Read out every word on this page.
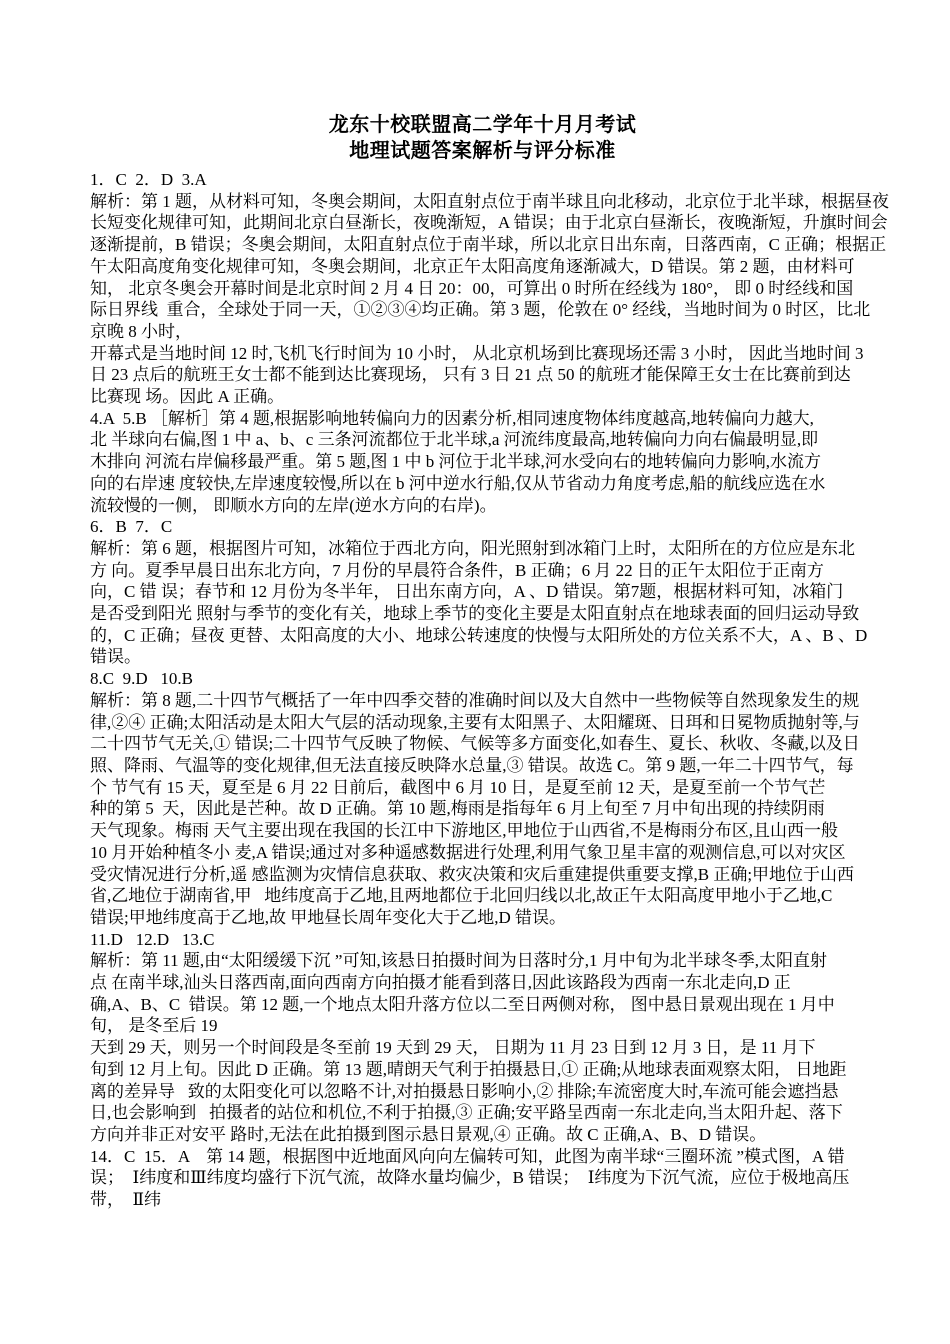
龙东十校联盟高二学年十月月考试
地理试题答案解析与评分标准
1．C  2．D  3.A
解析：第 1 题，从材料可知，冬奥会期间，太阳直射点位于南半球且向北移动，北京位于北半球，根据昼夜
长短变化规律可知，此期间北京白昼渐长，夜晚渐短，A 错误；由于北京白昼渐长，夜晚渐短，升旗时间会
逐渐提前，B 错误；冬奥会期间，太阳直射点位于南半球，所以北京日出东南，日落西南，C 正确；根据正
午太阳高度角变化规律可知，冬奥会期间，北京正午太阳高度角逐渐减大，D 错误。第 2 题，由材料可
知， 北京冬奥会开幕时间是北京时间 2 月 4 日 20：00，可算出 0 时所在经线为 180°， 即 0 时经线和国
际日界线  重合，全球处于同一天，①②③④均正确。第 3 题，伦敦在 0° 经线，当地时间为 0 时区，比北
京晚 8 小时，
开幕式是当地时间 12 时,飞机飞行时间为 10 小时， 从北京机场到比赛现场还需 3 小时， 因此当地时间 3
日 23 点后的航班王女士都不能到达比赛现场， 只有 3 日 21 点 50 的航班才能保障王女士在比赛前到达
比赛现 场。因此 A 正确。
4.A  5.B ［解析］第 4 题,根据影响地转偏向力的因素分析,相同速度物体纬度越高,地转偏向力越大,
北 半球向右偏,图 1 中 a、b、c 三条河流都位于北半球,a 河流纬度最高,地转偏向力向右偏最明显,即
木排向 河流右岸偏移最严重。第 5 题,图 1 中 b 河位于北半球,河水受向右的地转偏向力影响,水流方
向的右岸速 度较快,左岸速度较慢,所以在 b 河中逆水行船,仅从节省动力角度考虑,船的航线应选在水
流较慢的一侧， 即顺水方向的左岸(逆水方向的右岸)。
6．B  7．C
解析：第 6 题，根据图片可知，冰箱位于西北方向，阳光照射到冰箱门上时，太阳所在的方位应是东北
方 向。夏季早晨日出东北方向，7 月份的早晨符合条件，B 正确；6 月 22 日的正午太阳位于正南方
向，C 错 误；春节和 12 月份为冬半年， 日出东南方向，A 、D 错误。第7题，根据材料可知，冰箱门
是否受到阳光 照射与季节的变化有关，地球上季节的变化主要是太阳直射点在地球表面的回归运动导致
的，C 正确；昼夜 更替、太阳高度的大小、地球公转速度的快慢与太阳所处的方位关系不大，A 、B 、D
错误。
8.C  9.D   10.B
解析：第 8 题,二十四节气概括了一年中四季交替的准确时间以及大自然中一些物候等自然现象发生的规
律,②④ 正确;太阳活动是太阳大气层的活动现象,主要有太阳黑子、太阳耀斑、日珥和日冕物质抛射等,与
二十四节气无关,① 错误;二十四节气反映了物候、气候等多方面变化,如春生、夏长、秋收、冬藏,以及日
照、降雨、气温等的变化规律,但无法直接反映降水总量,③ 错误。故选 C。第 9 题,一年二十四节气，每
个 节气有 15 天，夏至是 6 月 22 日前后，截图中 6 月 10 日，是夏至前 12 天，是夏至前一个节气芒
种的第 5  天，因此是芒种。故 D 正确。第 10 题,梅雨是指每年 6 月上旬至 7 月中旬出现的持续阴雨
天气现象。梅雨 天气主要出现在我国的长江中下游地区,甲地位于山西省,不是梅雨分布区,且山西一般
10 月开始种植冬小 麦,A 错误;通过对多种遥感数据进行处理,利用气象卫星丰富的观测信息,可以对灾区
受灾情况进行分析,遥 感监测为灾情信息获取、救灾决策和灾后重建提供重要支撑,B 正确;甲地位于山西
省,乙地位于湖南省,甲   地纬度高于乙地,且两地都位于北回归线以北,故正午太阳高度甲地小于乙地,C
错误;甲地纬度高于乙地,故 甲地昼长周年变化大于乙地,D 错误。
11.D   12.D   13.C
解析：第 11 题,由“太阳缓缓下沉 ”可知,该悬日拍摄时间为日落时分,1 月中旬为北半球冬季,太阳直射
点 在南半球,汕头日落西南,面向西南方向拍摄才能看到落日,因此该路段为西南一东北走向,D 正
确,A、B、C  错误。第 12 题,一个地点太阳升落方位以二至日两侧对称， 图中悬日景观出现在 1 月中
旬， 是冬至后 19
天到 29 天，则另一个时间段是冬至前 19 天到 29 天， 日期为 11 月 23 日到 12 月 3 日，是 11 月下
旬到 12 月上旬。因此 D 正确。第 13 题,晴朗天气利于拍摄悬日,① 正确;从地球表面观察太阳， 日地距
离的差异导   致的太阳变化可以忽略不计,对拍摄悬日影响小,② 排除;车流密度大时,车流可能会遮挡悬
日,也会影响到   拍摄者的站位和机位,不利于拍摄,③ 正确;安平路呈西南一东北走向,当太阳升起、落下
方向并非正对安平 路时,无法在此拍摄到图示悬日景观,④ 正确。故 C 正确,A、B、D 错误。
14．C  15．A    第 14 题，根据图中近地面风向向左偏转可知，此图为南半球“三圈环流 ”模式图，A 错
误；  Ⅰ纬度和Ⅲ纬度均盛行下沉气流，故降水量均偏少，B 错误；  Ⅰ纬度为下沉气流，应位于极地高压
带，  Ⅱ纬
